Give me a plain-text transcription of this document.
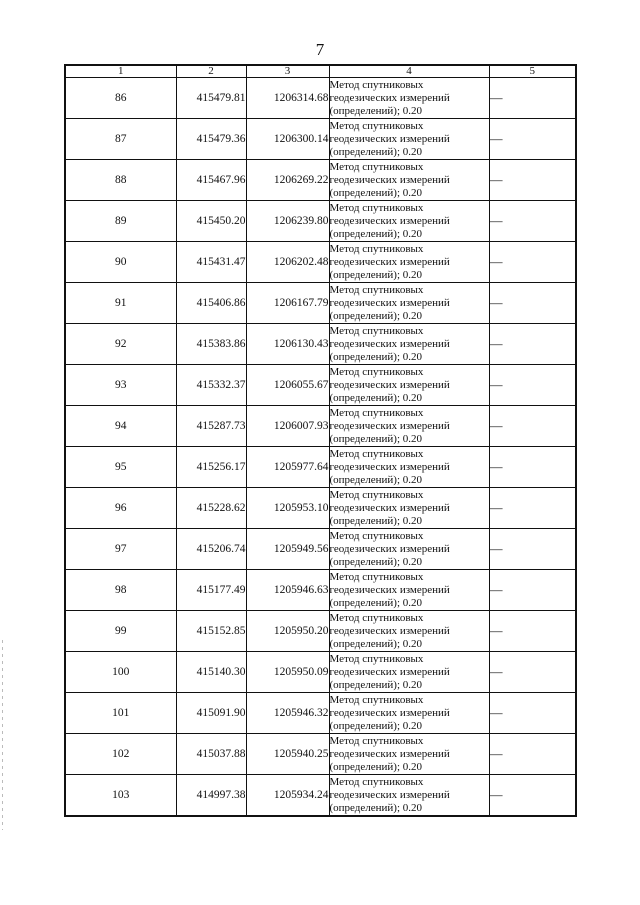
7
1	2	3	4	5
86	415479.81	1206314.68	Метод спутниковых геодезических измерений (определений); 0.20	—
87	415479.36	1206300.14	Метод спутниковых геодезических измерений (определений); 0.20	—
88	415467.96	1206269.22	Метод спутниковых геодезических измерений (определений); 0.20	—
89	415450.20	1206239.80	Метод спутниковых геодезических измерений (определений); 0.20	—
90	415431.47	1206202.48	Метод спутниковых геодезических измерений (определений); 0.20	—
91	415406.86	1206167.79	Метод спутниковых геодезических измерений (определений); 0.20	—
92	415383.86	1206130.43	Метод спутниковых геодезических измерений (определений); 0.20	—
93	415332.37	1206055.67	Метод спутниковых геодезических измерений (определений); 0.20	—
94	415287.73	1206007.93	Метод спутниковых геодезических измерений (определений); 0.20	—
95	415256.17	1205977.64	Метод спутниковых геодезических измерений (определений); 0.20	—
96	415228.62	1205953.10	Метод спутниковых геодезических измерений (определений); 0.20	—
97	415206.74	1205949.56	Метод спутниковых геодезических измерений (определений); 0.20	—
98	415177.49	1205946.63	Метод спутниковых геодезических измерений (определений); 0.20	—
99	415152.85	1205950.20	Метод спутниковых геодезических измерений (определений); 0.20	—
100	415140.30	1205950.09	Метод спутниковых геодезических измерений (определений); 0.20	—
101	415091.90	1205946.32	Метод спутниковых геодезических измерений (определений); 0.20	—
102	415037.88	1205940.25	Метод спутниковых геодезических измерений (определений); 0.20	—
103	414997.38	1205934.24	Метод спутниковых геодезических измерений (определений); 0.20	—
